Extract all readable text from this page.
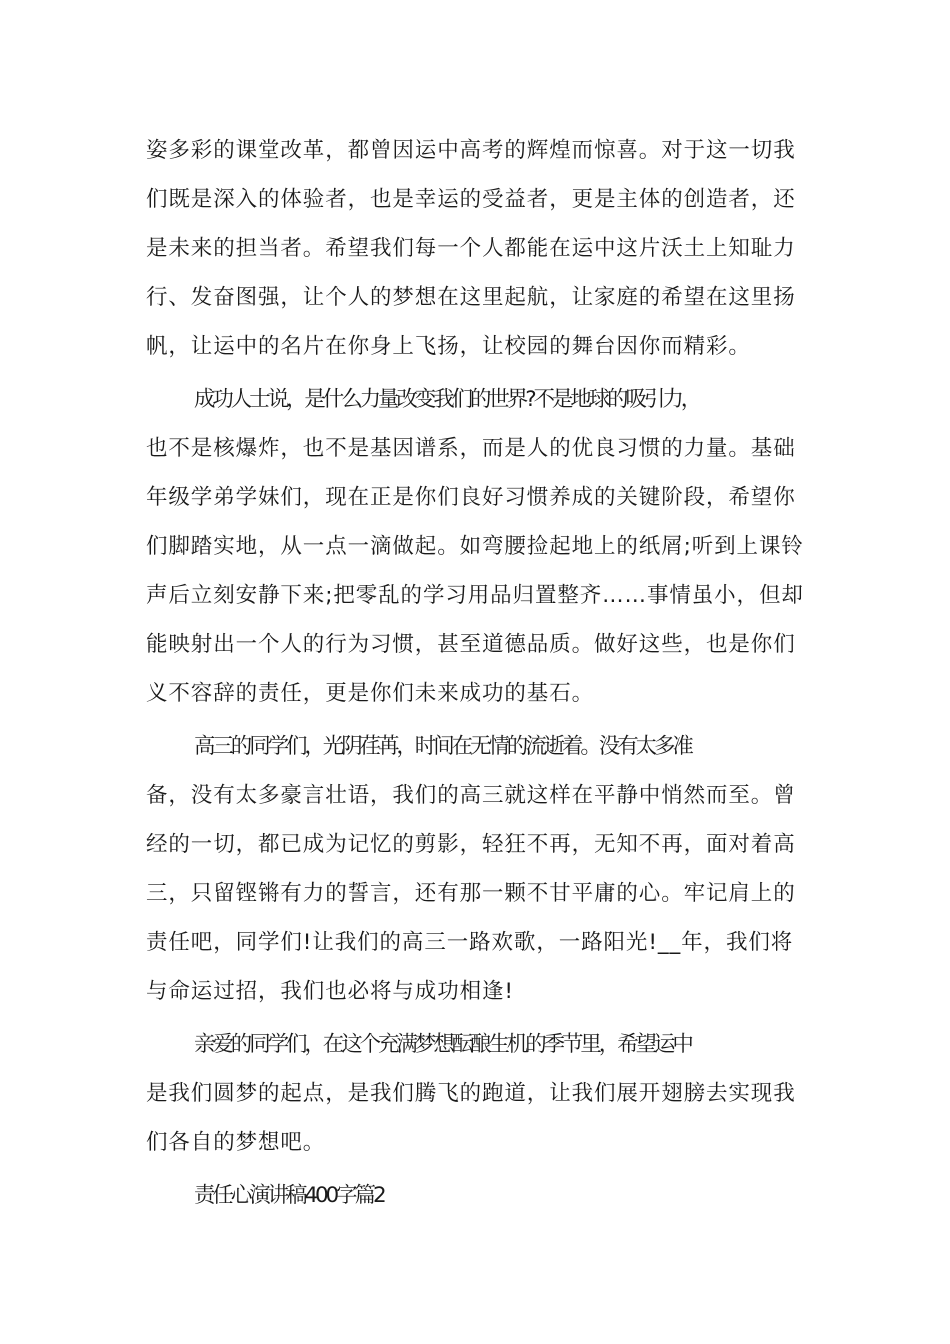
姿多彩的课堂改革，都曾因运中高考的辉煌而惊喜。对于这一切我
们既是深入的体验者，也是幸运的受益者，更是主体的创造者，还
是未来的担当者。希望我们每一个人都能在运中这片沃土上知耻力
行、发奋图强，让个人的梦想在这里起航，让家庭的希望在这里扬
帆，让运中的名片在你身上飞扬，让校园的舞台因你而精彩。
成功人士说，是什么力量改变我们的世界?不是地球的吸引力，
也不是核爆炸，也不是基因谱系，而是人的优良习惯的力量。基础
年级学弟学妹们，现在正是你们良好习惯养成的关键阶段，希望你
们脚踏实地，从一点一滴做起。如弯腰捡起地上的纸屑;听到上课铃
声后立刻安静下来;把零乱的学习用品归置整齐……事情虽小，但却
能映射出一个人的行为习惯，甚至道德品质。做好这些，也是你们
义不容辞的责任，更是你们未来成功的基石。
高三的同学们，光阴荏苒，时间在无情的流逝着。没有太多准
备，没有太多豪言壮语，我们的高三就这样在平静中悄然而至。曾
经的一切，都已成为记忆的剪影，轻狂不再，无知不再，面对着高
三，只留铿锵有力的誓言，还有那一颗不甘平庸的心。牢记肩上的
责任吧，同学们!让我们的高三一路欢歌，一路阳光!__年，我们将
与命运过招，我们也必将与成功相逢!
亲爱的同学们，在这个充满梦想酝酿生机的季节里，希望运中
是我们圆梦的起点，是我们腾飞的跑道，让我们展开翅膀去实现我
们各自的梦想吧。
责任心演讲稿400字篇2
